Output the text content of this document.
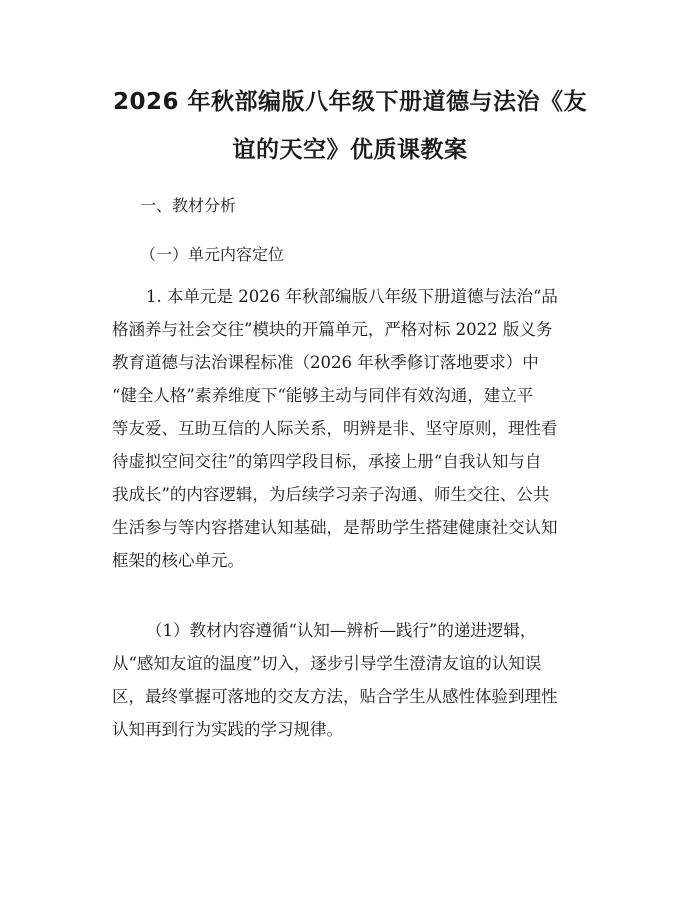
2026 年秋部编版八年级下册道德与法治《友
谊的天空》优质课教案

一、教材分析

（一）单元内容定位

1. 本单元是 2026 年秋部编版八年级下册道德与法治“品
格涵养与社会交往”模块的开篇单元，严格对标 2022 版义务
教育道德与法治课程标准（2026 年秋季修订落地要求）中
“健全人格”素养维度下“能够主动与同伴有效沟通，建立平
等友爱、互助互信的人际关系，明辨是非、坚守原则，理性看
待虚拟空间交往”的第四学段目标，承接上册“自我认知与自
我成长”的内容逻辑，为后续学习亲子沟通、师生交往、公共
生活参与等内容搭建认知基础，是帮助学生搭建健康社交认知
框架的核心单元。

（1）教材内容遵循“认知—辨析—践行”的递进逻辑，
从“感知友谊的温度”切入，逐步引导学生澄清友谊的认知误
区，最终掌握可落地的交友方法，贴合学生从感性体验到理性
认知再到行为实践的学习规律。
